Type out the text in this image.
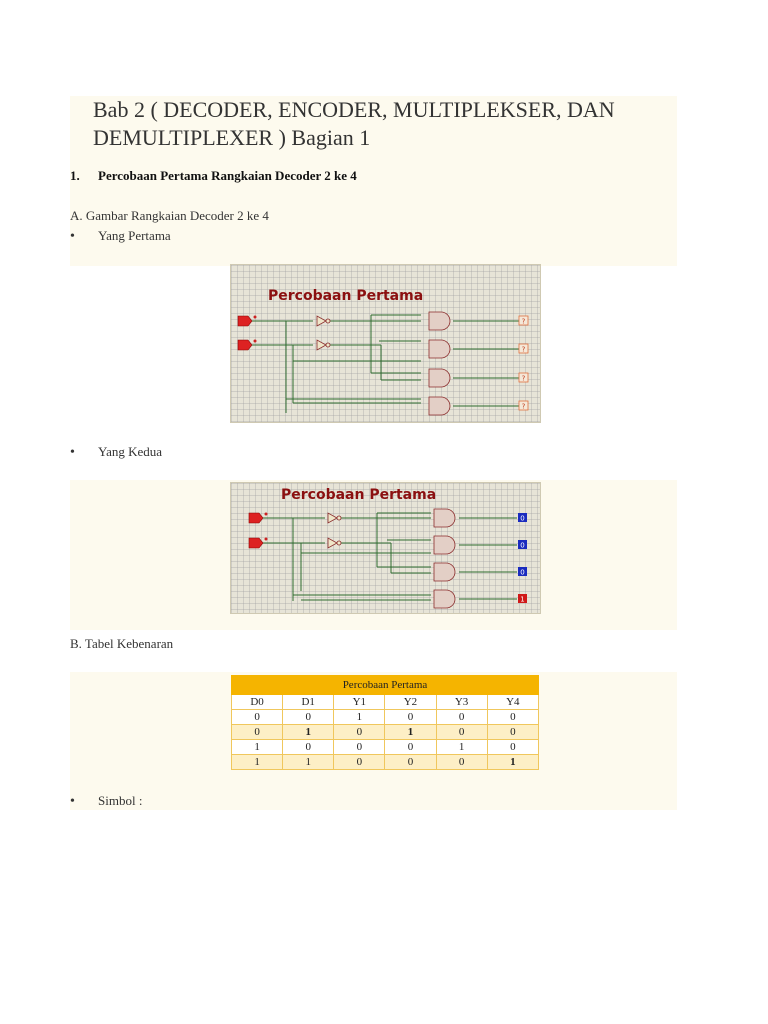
Bab 2 ( DECODER, ENCODER, MULTIPLEKSER, DAN DEMULTIPLEXER ) Bagian 1
1. Percobaan Pertama Rangkaian Decoder 2 ke 4
A. Gambar Rangkaian Decoder 2 ke 4
• Yang Pertama
Percobaan Pertama
?
?
?
?
• Yang Kedua
Percobaan Pertama
0
0
0
1
B. Tabel Kebenaran
Percobaan Pertama					
D0	D1	Y1	Y2	Y3	Y4
0	0	1	0	0	0
0	1	0	1	0	0
1	0	0	0	1	0
1	1	0	0	0	1
• Simbol :
